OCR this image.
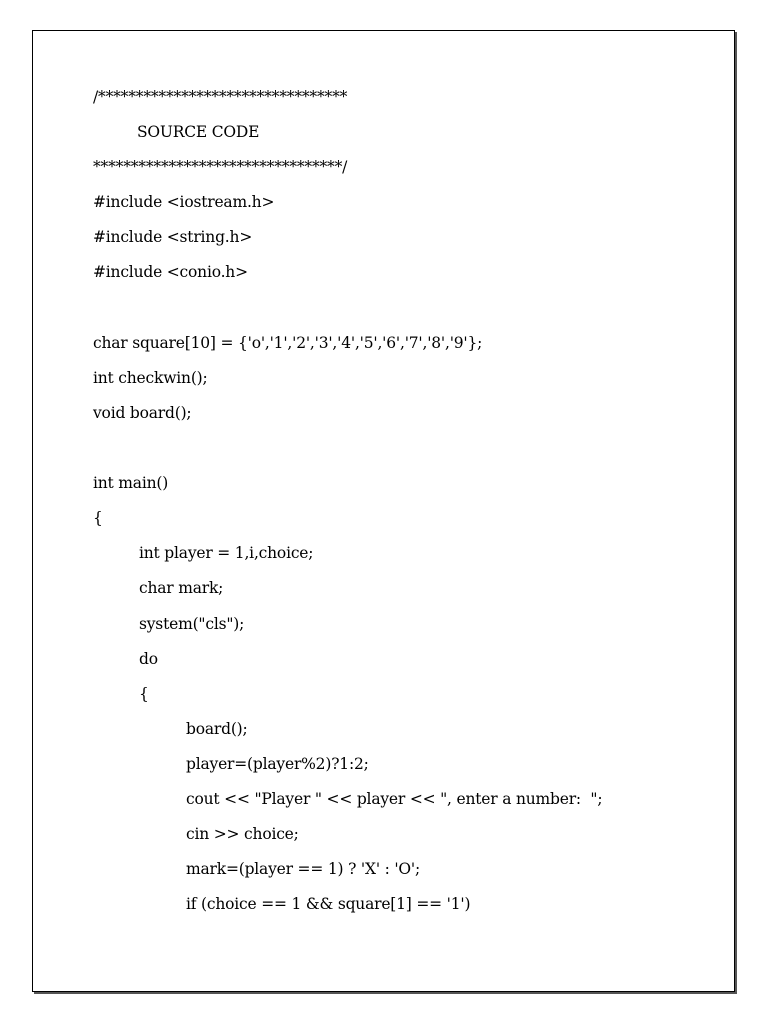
/*********************************
SOURCE CODE
*********************************/
#include <iostream.h>
#include <string.h>
#include <conio.h>
char square[10] = {'o','1','2','3','4','5','6','7','8','9'};
int checkwin();
void board();
int main()
{
int player = 1,i,choice;
char mark;
system("cls");
do
{
board();
player=(player%2)?1:2;
cout << "Player " << player << ", enter a number:  ";
cin >> choice;
mark=(player == 1) ? 'X' : 'O';
if (choice == 1 && square[1] == '1')
